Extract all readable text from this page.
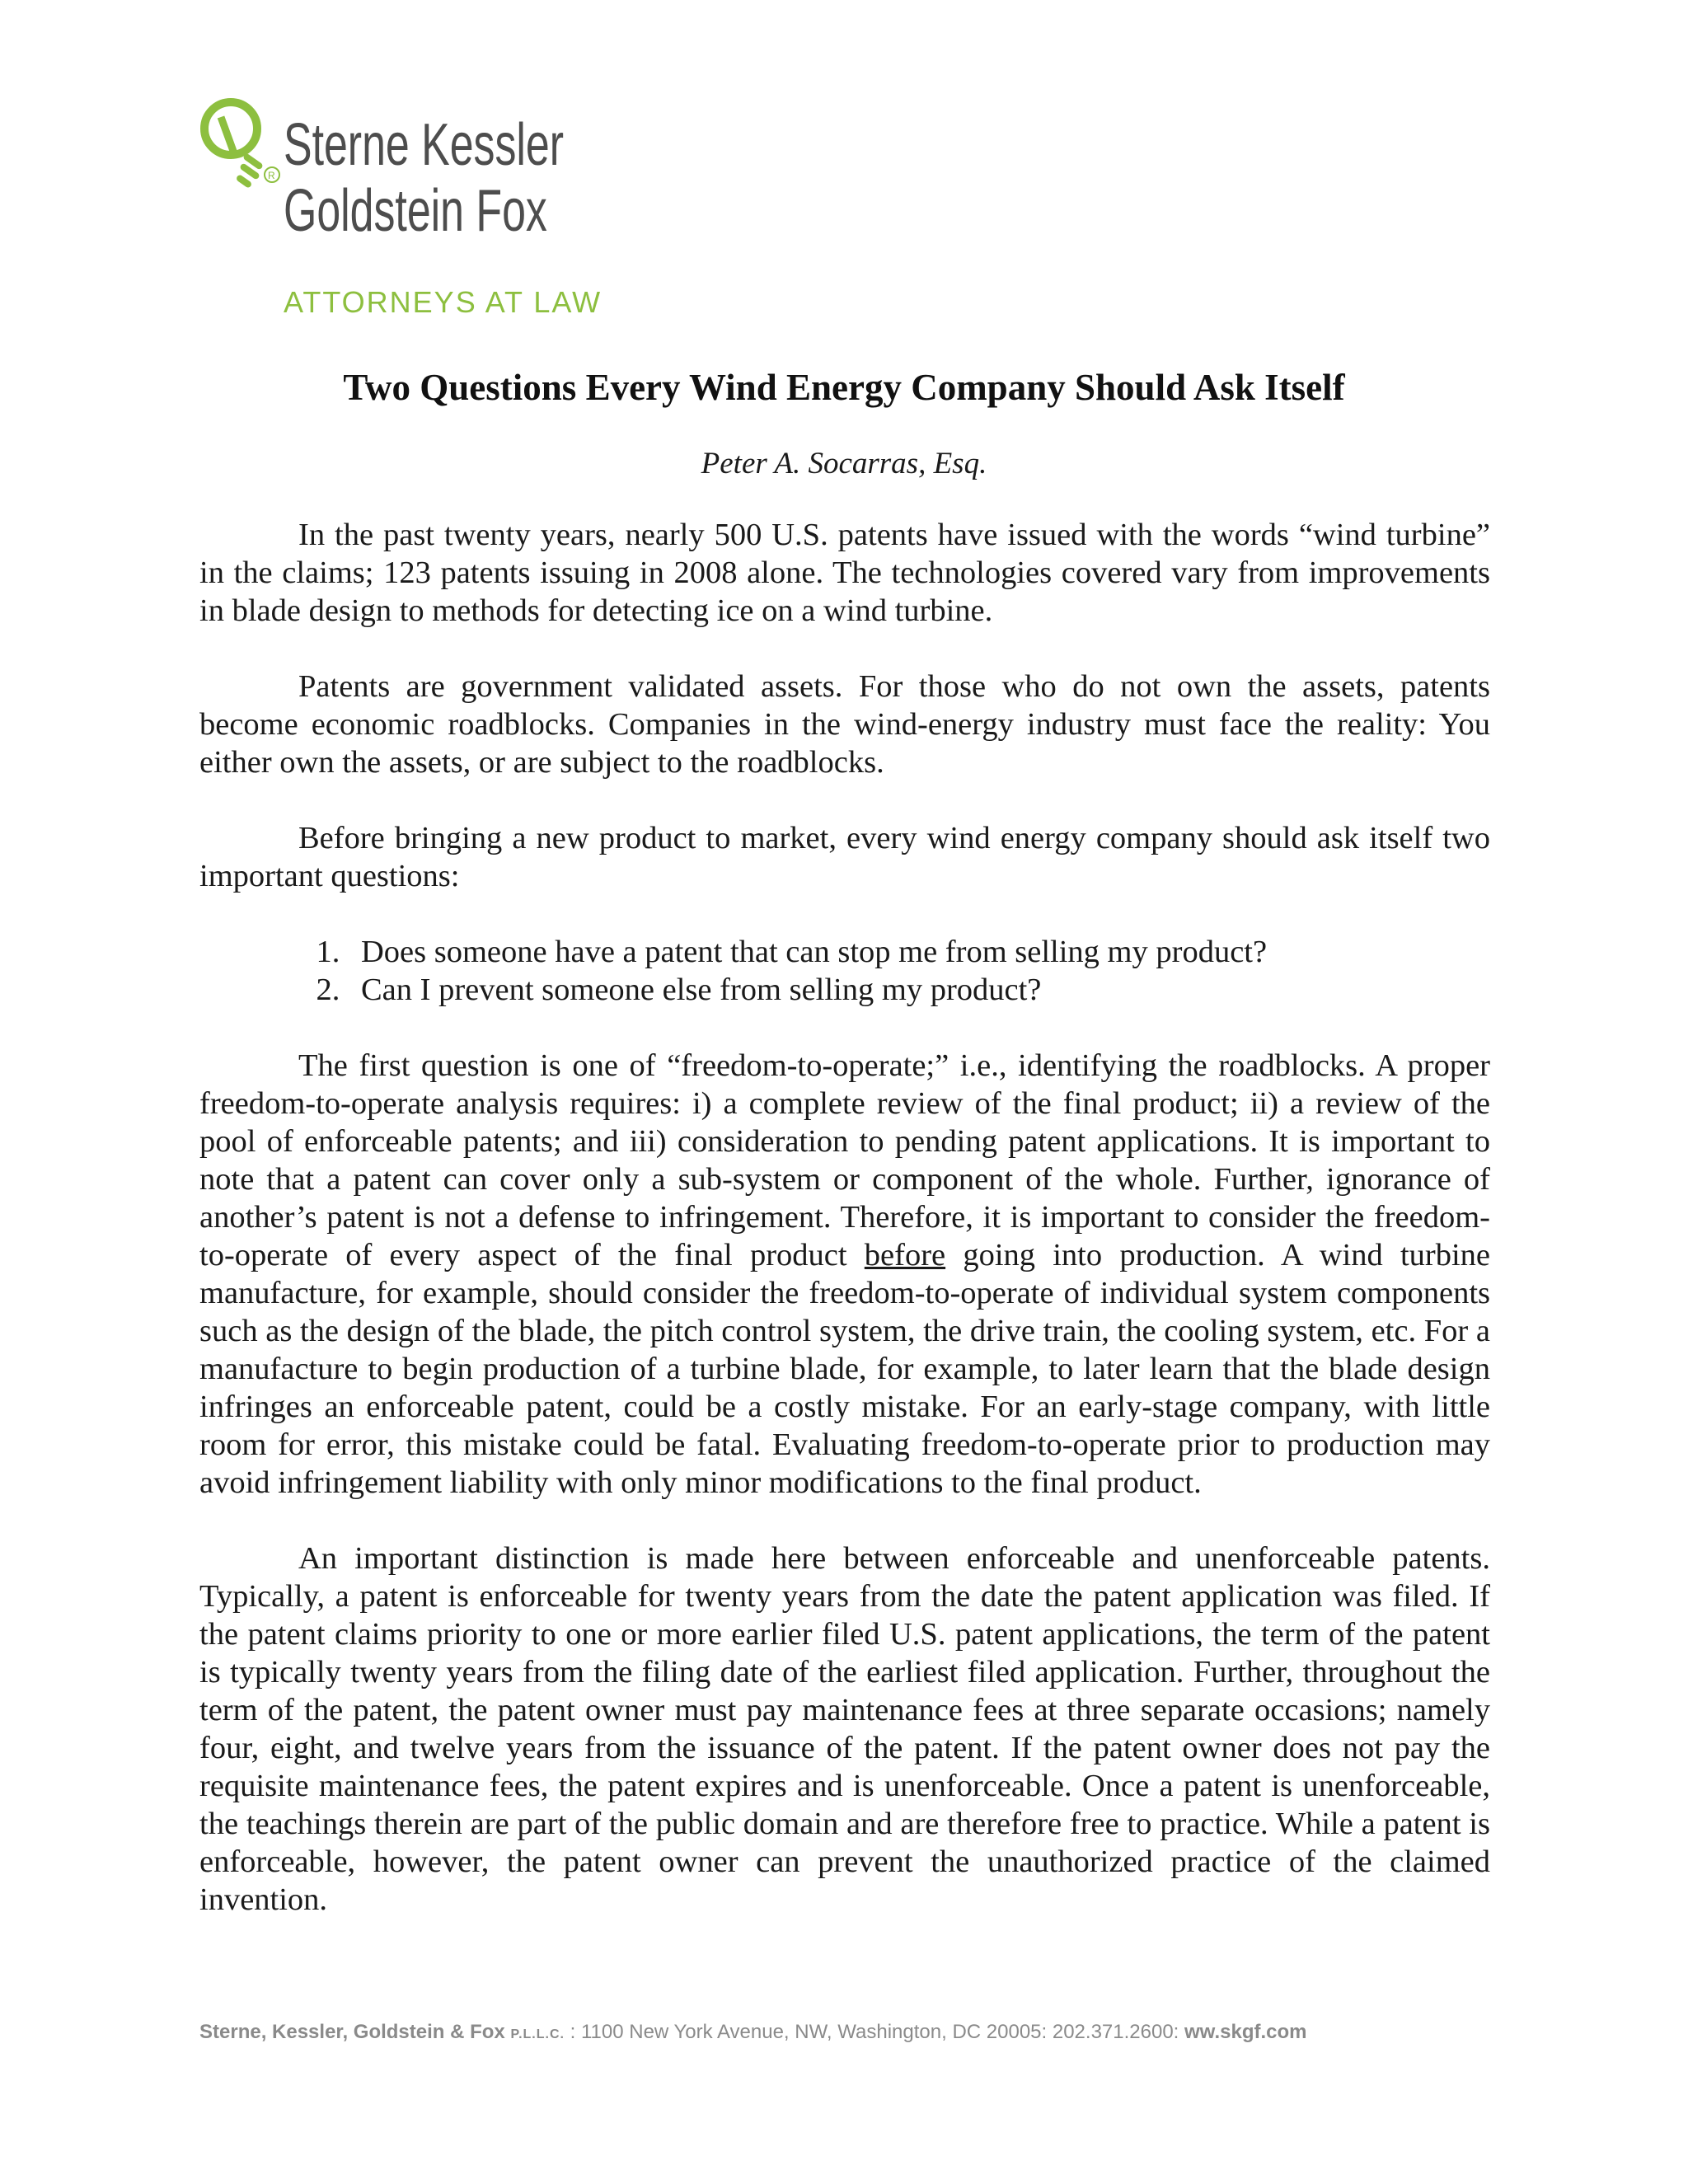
R Sterne Kessler
Goldstein Fox
ATTORNEYS AT LAW
Two Questions Every Wind Energy Company Should Ask Itself

Peter A. Socarras, Esq.

In the past twenty years, nearly 500 U.S. patents have issued with the words “wind turbine” in the claims; 123 patents issuing in 2008 alone. The technologies covered vary from improvements in blade design to methods for detecting ice on a wind turbine.

Patents are government validated assets. For those who do not own the assets, patents become economic roadblocks. Companies in the wind-energy industry must face the reality: You either own the assets, or are subject to the roadblocks.

Before bringing a new product to market, every wind energy company should ask itself two important questions:

1. Does someone have a patent that can stop me from selling my product?
2. Can I prevent someone else from selling my product?

The first question is one of “freedom-to-operate;” i.e., identifying the roadblocks. A proper freedom-to-operate analysis requires: i) a complete review of the final product; ii) a review of the pool of enforceable patents; and iii) consideration to pending patent applications. It is important to note that a patent can cover only a sub-system or component of the whole. Further, ignorance of another’s patent is not a defense to infringement. Therefore, it is important to consider the freedom-to-operate of every aspect of the final product before going into production. A wind turbine manufacture, for example, should consider the freedom-to-operate of individual system components such as the design of the blade, the pitch control system, the drive train, the cooling system, etc. For a manufacture to begin production of a turbine blade, for example, to later learn that the blade design infringes an enforceable patent, could be a costly mistake. For an early-stage company, with little room for error, this mistake could be fatal. Evaluating freedom-to-operate prior to production may avoid infringement liability with only minor modifications to the final product.

An important distinction is made here between enforceable and unenforceable patents. Typically, a patent is enforceable for twenty years from the date the patent application was filed. If the patent claims priority to one or more earlier filed U.S. patent applications, the term of the patent is typically twenty years from the filing date of the earliest filed application. Further, throughout the term of the patent, the patent owner must pay maintenance fees at three separate occasions; namely four, eight, and twelve years from the issuance of the patent. If the patent owner does not pay the requisite maintenance fees, the patent expires and is unenforceable. Once a patent is unenforceable, the teachings therein are part of the public domain and are therefore free to practice. While a patent is enforceable, however, the patent owner can prevent the unauthorized practice of the claimed invention.

Sterne, Kessler, Goldstein & Fox P.L.L.C. : 1100 New York Avenue, NW, Washington, DC 20005: 202.371.2600: ww.skgf.com
